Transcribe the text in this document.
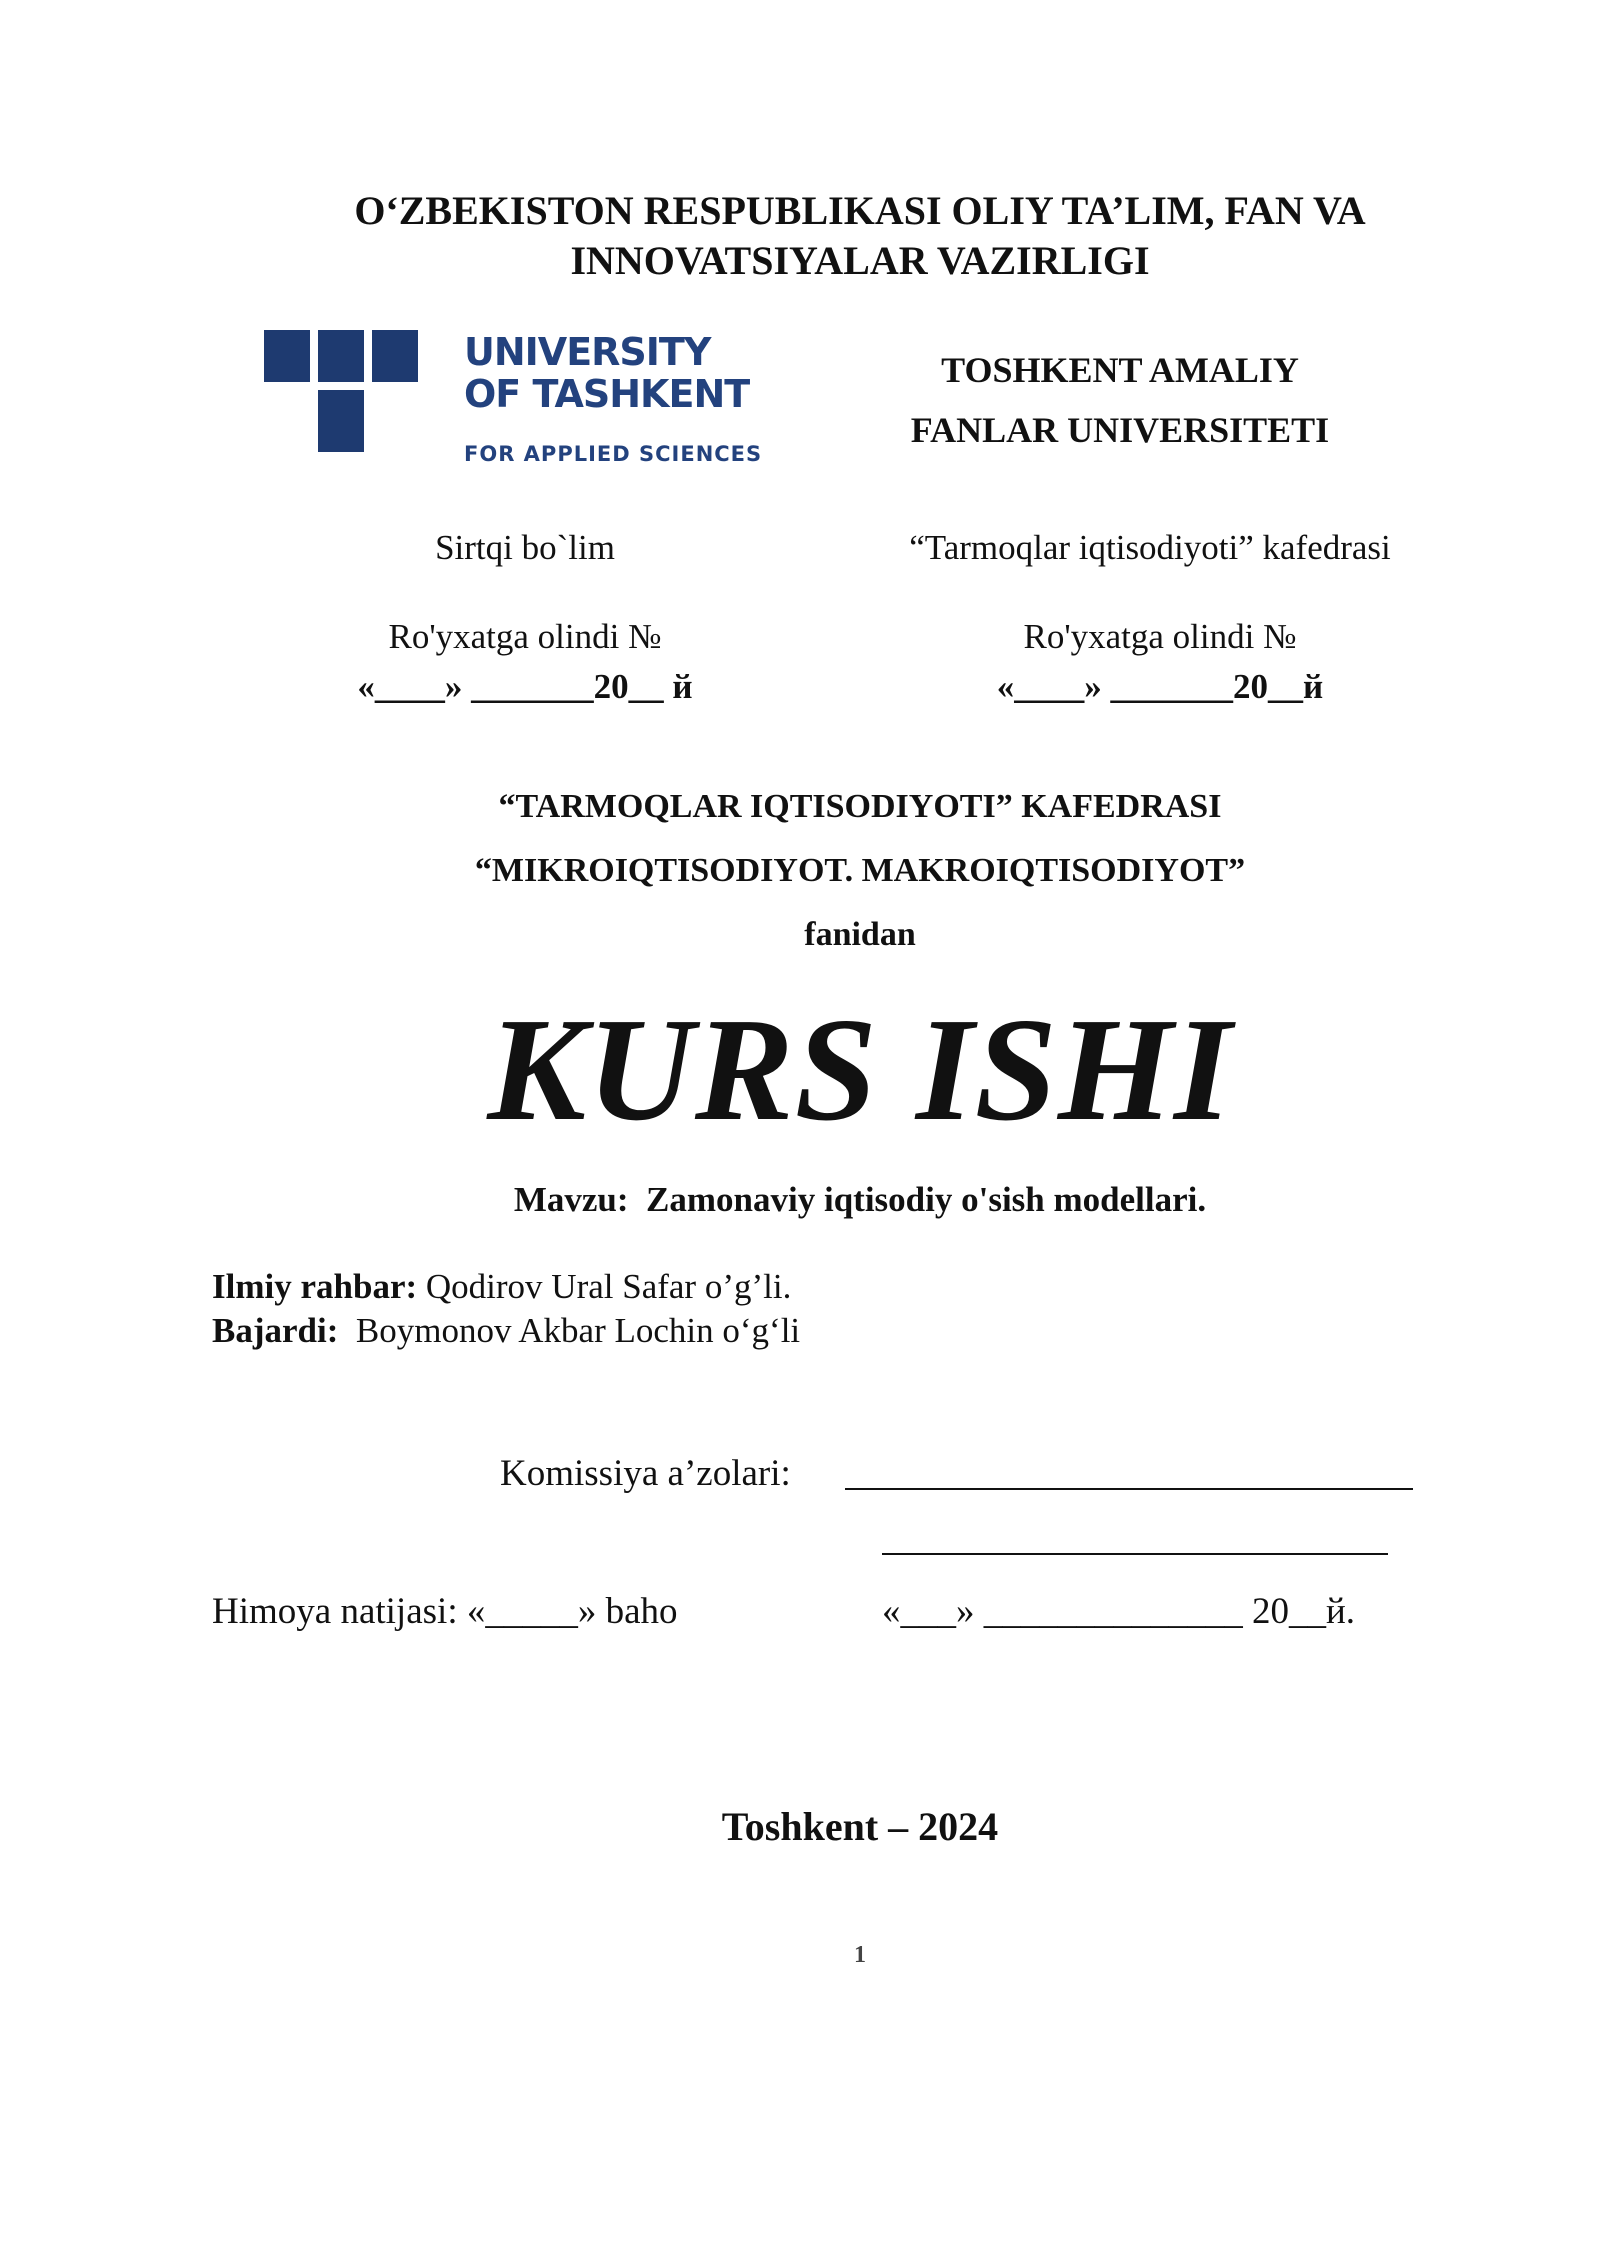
O‘ZBEKISTON RESPUBLIKASI OLIY TA’LIM, FAN VA
INNOVATSIYALAR VAZIRLIGI
UNIVERSITY
OF TASHKENT
FOR APPLIED SCIENCES
TOSHKENT AMALIY
FANLAR UNIVERSITETI
Sirtqi bo`lim	“Tarmoqlar iqtisodiyoti” kafedrasi
Ro'yxatga olindi №
«____» _______20__ й
Ro'yxatga olindi №
«____» _______20__й
“TARMOQLAR IQTISODIYOTI” KAFEDRASI
“MIKROIQTISODIYOT. MAKROIQTISODIYOT”
fanidan
KURS ISHI
Mavzu: Zamonaviy iqtisodiy o'sish modellari.
Ilmiy rahbar: Qodirov Ural Safar o’g’li.
Bajardi: Boymonov Akbar Lochin o‘g‘li
Komissiya a’zolari:
Himoya natijasi: «_____» baho	«___» ______________ 20__й.
Toshkent – 2024
1
